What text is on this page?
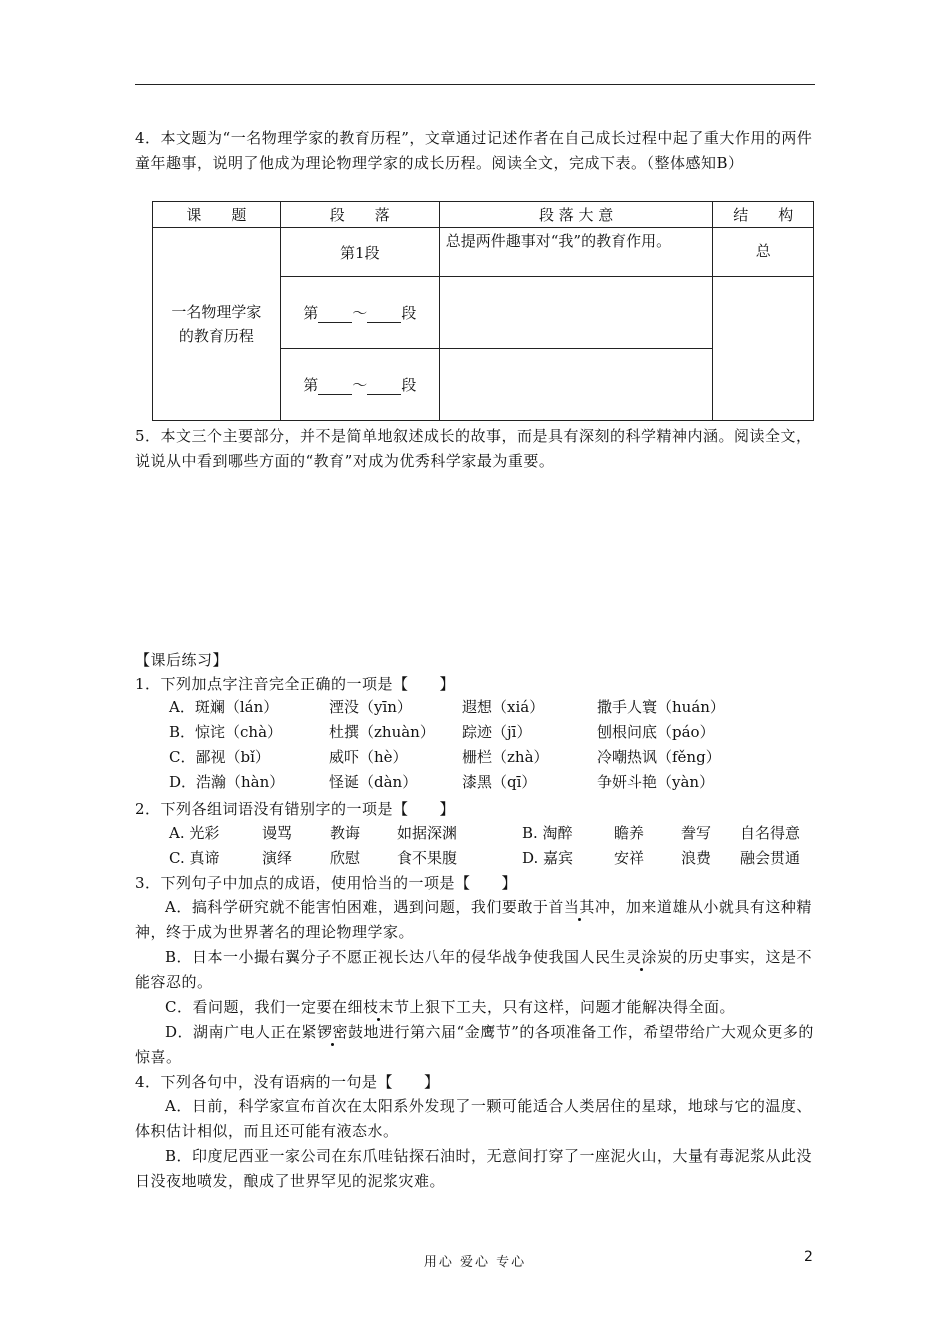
4．本文题为“一名物理学家的教育历程”，文章通过记述作者在自己成长过程中起了重大作用的两件童年趣事，说明了他成为理论物理学家的成长历程。阅读全文，完成下表。（整体感知B）
课　　题	段　　落	段 落 大 意	结　　构

一名物理学家的教育历程	第1段	总提两件趣事对“我”的教育作用。	总
	第 ～ 段		
	第 ～ 段		
5．本文三个主要部分，并不是简单地叙述成长的故事，而是具有深刻的科学精神内涵。阅读全文，说说从中看到哪些方面的“教育”对成为优秀科学家最为重要。
【课后练习】
1．下列加点字注音完全正确的一项是【　　】
A．斑斓（lán）	湮没（yīn）	遐想（xiá）	撒手人寰（huán）
B．惊诧（chà）	杜撰（zhuàn） 踪迹（jī）	刨根问底（páo）
C．鄙视（bǐ）	威吓（hè）	栅栏（zhà）	冷嘲热讽（fěng）
D．浩瀚（hàn）	怪诞（dàn）	漆黑（qī）	争妍斗艳（yàn）
2．下列各组词语没有错别字的一项是【　　】
A. 光彩	谩骂	教诲 如据深渊	B. 淘醉	瞻养 誊写 自名得意
C. 真谛	演绎	欣慰 食不果腹	D. 嘉宾	安祥 浪费 融会贯通
3．下列句子中加点的成语，使用恰当的一项是【　　】
A．搞科学研究就不能害怕困难，遇到问题，我们要敢于首当其冲，加来道雄从小就具有这种精神，终于成为世界著名的理论物理学家。
B．日本一小撮右翼分子不愿正视长达八年的侵华战争使我国人民生灵涂炭的历史事实，这是不能容忍的。
C．看问题，我们一定要在细枝末节上狠下工夫，只有这样，问题才能解决得全面。
D．湖南广电人正在紧锣密鼓地进行第六届“金鹰节”的各项准备工作，希望带给广大观众更多的惊喜。
4．下列各句中，没有语病的一句是【　　】
A．日前，科学家宣布首次在太阳系外发现了一颗可能适合人类居住的星球，地球与它的温度、体积估计相似，而且还可能有液态水。
B．印度尼西亚一家公司在东爪哇钻探石油时，无意间打穿了一座泥火山，大量有毒泥浆从此没日没夜地喷发，酿成了世界罕见的泥浆灾难。
用心 爱心 专心	2
